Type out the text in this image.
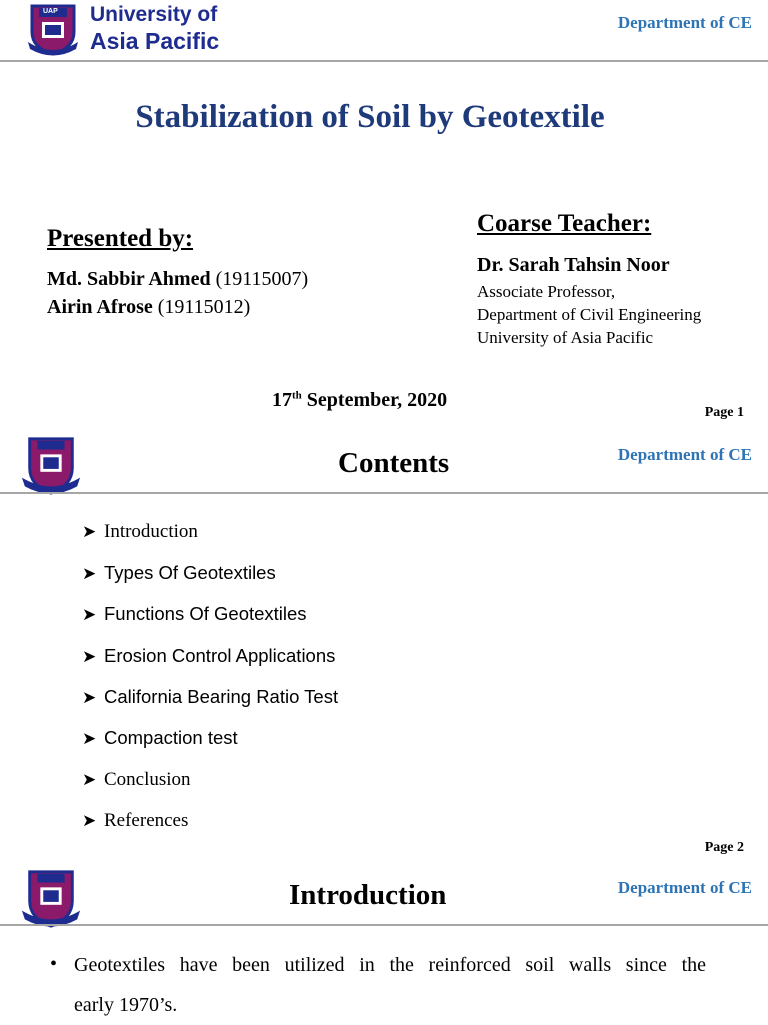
UAP University of
Asia Pacific
Department of CE
Stabilization of Soil by Geotextile
Presented by:
Md. Sabbir Ahmed (19115007)
Airin Afrose (19115012)
Coarse Teacher:
Dr. Sarah Tahsin Noor
Associate Professor,
Department of Civil Engineering
University of Asia Pacific
17th September, 2020
Page 1
Contents	Department of CE
➤ Introduction
➤ Types Of Geotextiles
➤ Functions Of Geotextiles
➤ Erosion Control Applications
➤ California Bearing Ratio Test
➤ Compaction test
➤ Conclusion
➤ References
Page 2
Introduction	Department of CE
• Geotextiles have been utilized in the reinforced soil walls since the
early 1970’s.
